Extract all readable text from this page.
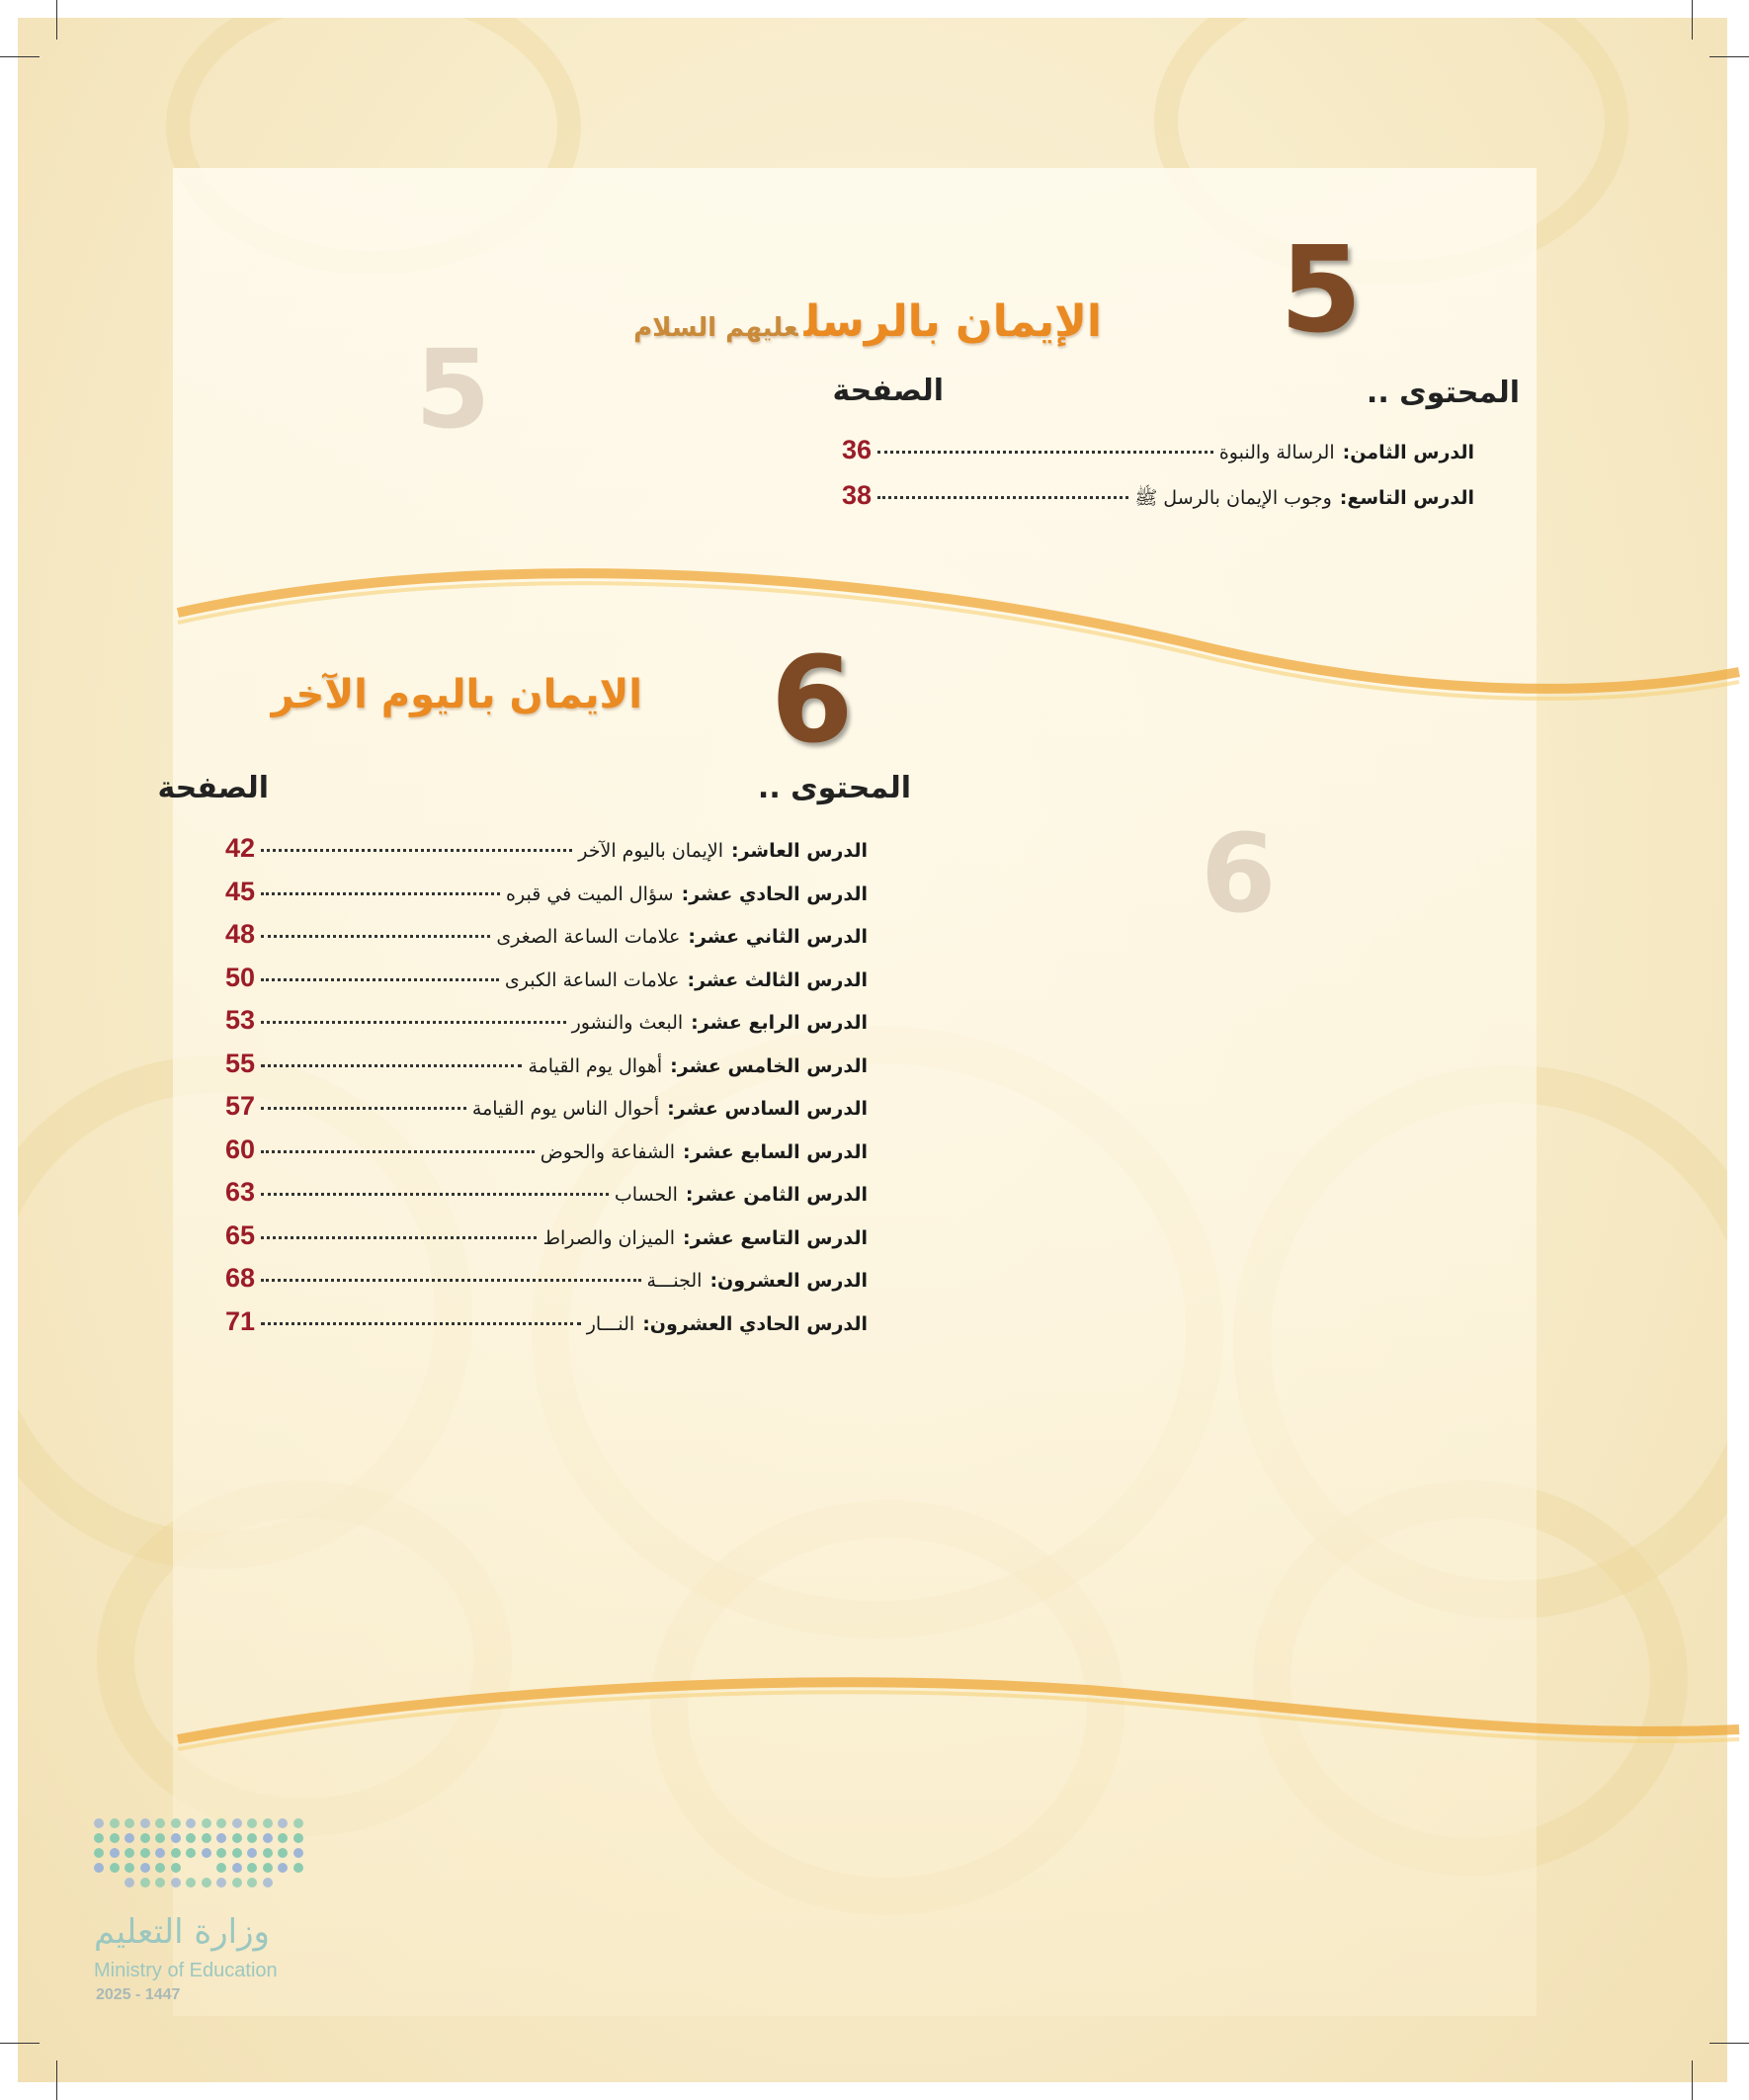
5
5
الإيمان بالرسلعليهم السلام
المحتوى ..
الصفحة
الدرس الثامن:
الرسالة والنبوة
36
الدرس التاسع:
وجوب الإيمان بالرسل ﷺ
38
6
6
الايمان باليوم الآخر
المحتوى ..
الصفحة
الدرس العاشر:
الإيمان باليوم الآخر
42
الدرس الحادي عشر:
سؤال الميت في قبره
45
الدرس الثاني عشر:
علامات الساعة الصغرى
48
الدرس الثالث عشر:
علامات الساعة الكبرى
50
الدرس الرابع عشر:
البعث والنشور
53
الدرس الخامس عشر:
أهوال يوم القيامة
55
الدرس السادس عشر:
أحوال الناس يوم القيامة
57
الدرس السابع عشر:
الشفاعة والحوض
60
الدرس الثامن عشر:
الحساب
63
الدرس التاسع عشر:
الميزان والصراط
65
الدرس العشرون:
الجنـــة
68
الدرس الحادي العشرون:
النـــار
71
وزارة التعليم
Ministry of Education
2025 - 1447
